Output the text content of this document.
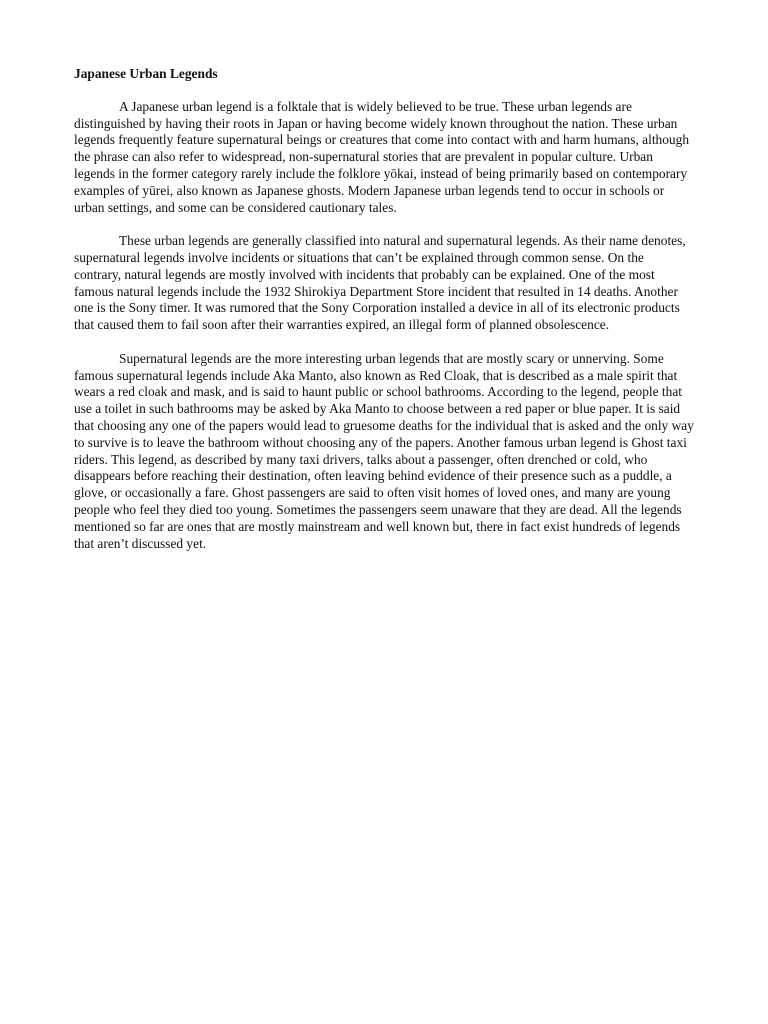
Japanese Urban Legends

A Japanese urban legend is a folktale that is widely believed to be true. These urban legends are distinguished by having their roots in Japan or having become widely known throughout the nation. These urban legends frequently feature supernatural beings or creatures that come into contact with and harm humans, although the phrase can also refer to widespread, non-supernatural stories that are prevalent in popular culture. Urban legends in the former category rarely include the folklore yōkai, instead of being primarily based on contemporary examples of yūrei, also known as Japanese ghosts. Modern Japanese urban legends tend to occur in schools or urban settings, and some can be considered cautionary tales.

These urban legends are generally classified into natural and supernatural legends. As their name denotes, supernatural legends involve incidents or situations that can’t be explained through common sense. On the contrary, natural legends are mostly involved with incidents that probably can be explained. One of the most famous natural legends include the 1932 Shirokiya Department Store incident that resulted in 14 deaths. Another one is the Sony timer. It was rumored that the Sony Corporation installed a device in all of its electronic products that caused them to fail soon after their warranties expired, an illegal form of planned obsolescence.

Supernatural legends are the more interesting urban legends that are mostly scary or unnerving. Some famous supernatural legends include Aka Manto, also known as Red Cloak, that is described as a male spirit that wears a red cloak and mask, and is said to haunt public or school bathrooms. According to the legend, people that use a toilet in such bathrooms may be asked by Aka Manto to choose between a red paper or blue paper. It is said that choosing any one of the papers would lead to gruesome deaths for the individual that is asked and the only way to survive is to leave the bathroom without choosing any of the papers. Another famous urban legend is Ghost taxi riders. This legend, as described by many taxi drivers, talks about a passenger, often drenched or cold, who disappears before reaching their destination, often leaving behind evidence of their presence such as a puddle, a glove, or occasionally a fare. Ghost passengers are said to often visit homes of loved ones, and many are young people who feel they died too young. Sometimes the passengers seem unaware that they are dead. All the legends mentioned so far are ones that are mostly mainstream and well known but, there in fact exist hundreds of legends that aren’t discussed yet.
